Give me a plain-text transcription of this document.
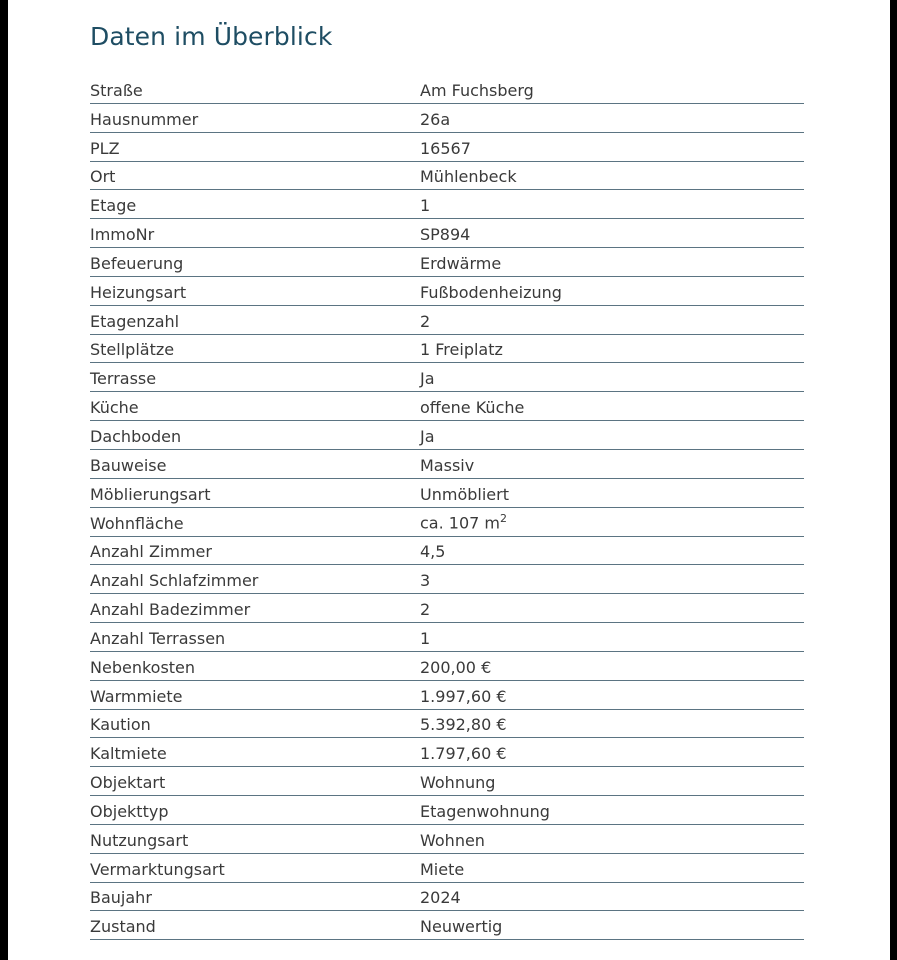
Daten im Überblick
Straße	Am Fuchsberg
Hausnummer	26a
PLZ	16567
Ort	Mühlenbeck
Etage	1
ImmoNr	SP894
Befeuerung	Erdwärme
Heizungsart	Fußbodenheizung
Etagenzahl	2
Stellplätze	1 Freiplatz
Terrasse	Ja
Küche	offene Küche
Dachboden	Ja
Bauweise	Massiv
Möblierungsart	Unmöbliert
Wohnfläche	ca. 107 $m^2$
Anzahl Zimmer	4,5
Anzahl Schlafzimmer	3
Anzahl Badezimmer	2
Anzahl Terrassen	1
Nebenkosten	200,00 €
Warmmiete	1.997,60 €
Kaution	5.392,80 €
Kaltmiete	1.797,60 €
Objektart	Wohnung
Objekttyp	Etagenwohnung
Nutzungsart	Wohnen
Vermarktungsart	Miete
Baujahr	2024
Zustand	Neuwertig
